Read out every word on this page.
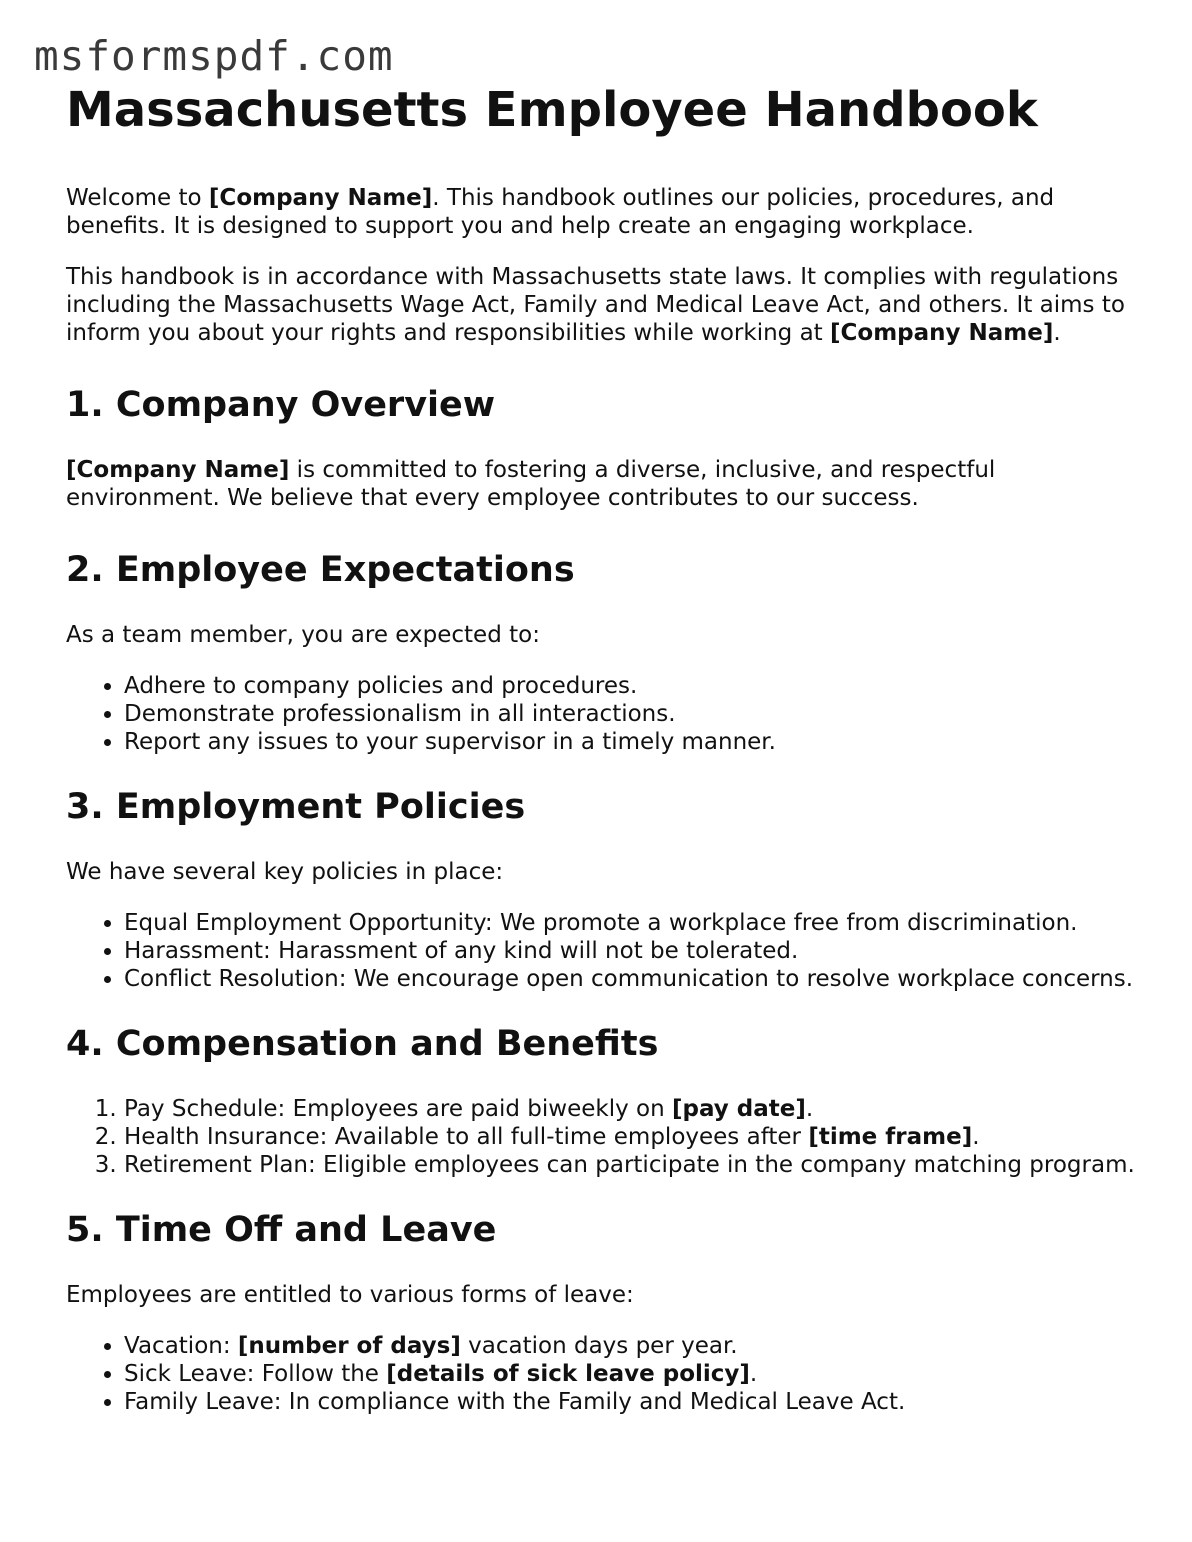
msformspdf.com
Massachusetts Employee Handbook

Welcome to [Company Name]. This handbook outlines our policies, procedures, and benefits. It is designed to support you and help create an engaging workplace.

This handbook is in accordance with Massachusetts state laws. It complies with regulations including the Massachusetts Wage Act, Family and Medical Leave Act, and others. It aims to inform you about your rights and responsibilities while working at [Company Name].

1. Company Overview

[Company Name] is committed to fostering a diverse, inclusive, and respectful environment. We believe that every employee contributes to our success.

2. Employee Expectations

As a team member, you are expected to:

• Adhere to company policies and procedures.
• Demonstrate professionalism in all interactions.
• Report any issues to your supervisor in a timely manner.
3. Employment Policies

We have several key policies in place:

• Equal Employment Opportunity: We promote a workplace free from discrimination.
• Harassment: Harassment of any kind will not be tolerated.
• Conflict Resolution: We encourage open communication to resolve workplace concerns.
4. Compensation and Benefits
1. Pay Schedule: Employees are paid biweekly on [pay date].
2. Health Insurance: Available to all full-time employees after [time frame].
3. Retirement Plan: Eligible employees can participate in the company matching program.
5. Time Off and Leave

Employees are entitled to various forms of leave:

• Vacation: [number of days] vacation days per year.
• Sick Leave: Follow the [details of sick leave policy].
• Family Leave: In compliance with the Family and Medical Leave Act.
